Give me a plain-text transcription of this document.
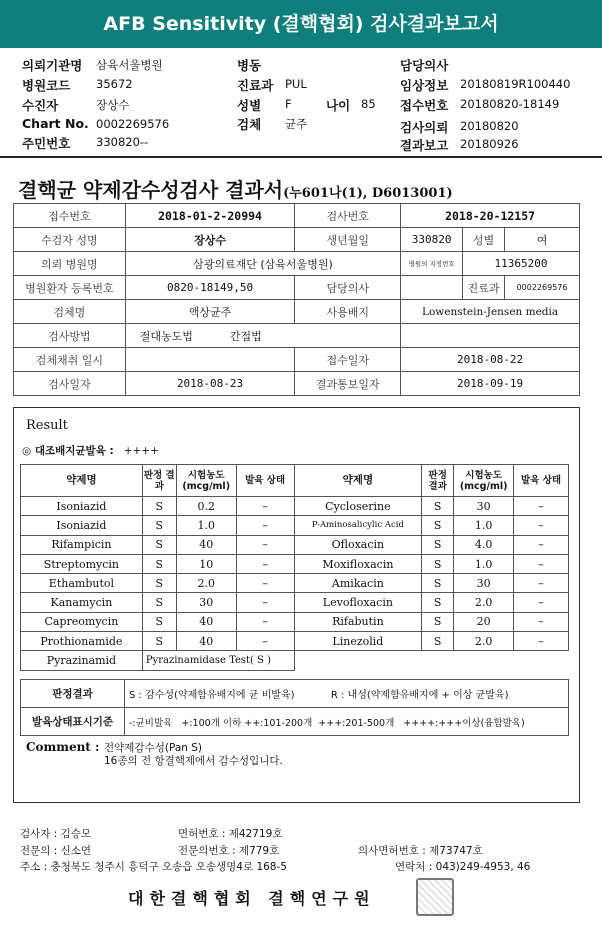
AFB Sensitivity (결핵협회) 검사결과보고서
의뢰기관명 삼육서울병원	병동	담당의사
병원코드 35672	진료과 PUL	임상정보 20180819R100440
수진자	장상수	성별 F	나이 85 접수번호 20180820-18149
Chart No. 0002269576	검체 균주	검사의뢰 20180820
주민번호 330820--	결과보고 20180926
결핵균 약제감수성검사 결과서(누601나(1), D6013001)
접수번호	2018-01-2-20994	검사번호	2018-20-12157		
수검자 성명	장상수	생년월일	330820	성별	여
의뢰 병원명	삼광의료재단 (삼육서울병원)		병원의 지정번호	11365200	
병원환자 등록번호	0820-18149,50	담당의사		진료과	0002269576
검체명	액상균주	사용배지	Lowenstein-Jensen media		
검사방법	절대농도법 간접법				
검체채취 일시		접수일자	2018-08-22		
검사일자	2018-08-23	결과통보일자	2018-09-19		
Result
◎ 대조배지균발육 : ++++
약제명	판정 결과	시험농도 (mcg/ml)	발육 상태	약제명	판정 결과	시험농도 (mcg/ml)	발육 상태
Isoniazid	S	0.2	–	Cycloserine	S	30	–
Isoniazid	S	1.0	–	P-Aminosalicylic Acid	S	1.0	–
Rifampicin	S	40	–	Ofloxacin	S	4.0	–
Streptomycin	S	10	–	Moxifloxacin	S	1.0	–
Ethambutol	S	2.0	–	Amikacin	S	30	–
Kanamycin	S	30	–	Levofloxacin	S	2.0	–
Capreomycin	S	40	–	Rifabutin	S	20	–
Prothionamide	S	40	–	Linezolid	S	2.0	–
Pyrazinamid	Pyrazinamidase Test( S )						
판정결과	S : 감수성(약제함유배지에 균 비발육) R : 내성(약제함유배지에 + 이상 균발육)
발육상태표시기준	-:균비발육   +:100개 이하 ++:101-200개  +++:201-500개   ++++:+++이상(융합발육)
Comment : 전약제감수성(Pan S)
16종의 전 항결핵제에서 감수성입니다.
검사자 : 김승모	면허번호 : 제42719호
전문의 : 신소연	전문의번호 : 제779호	의사면허번호 : 제73747호
주소 : 충청북도 청주시 흥덕구 오송읍 오송생명4로 168-5	연락처 : 043)249-4953, 46
대한결핵협회 결핵연구원
